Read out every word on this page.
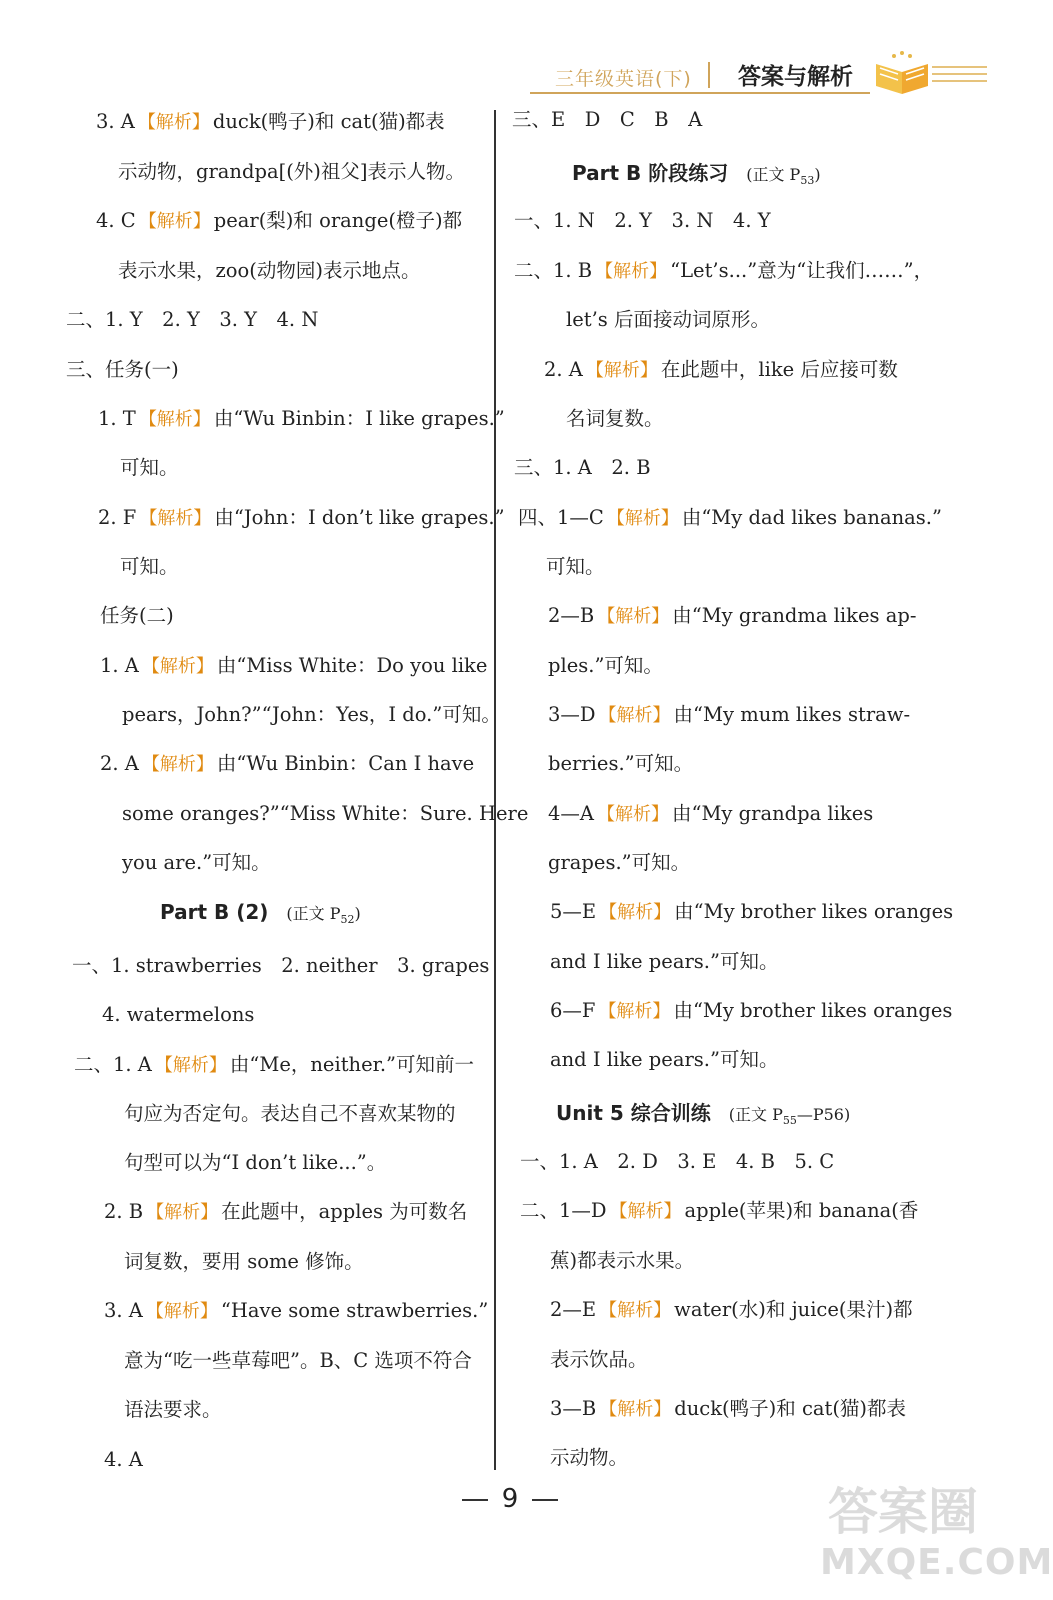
三年级英语(下) 答案与解析
3. A 【解析】 duck(鸭子)和 cat(猫)都表
示动物，grandpa[(外)祖父]表示人物。
4. C 【解析】 pear(梨)和 orange(橙子)都
表示水果，zoo(动物园)表示地点。
二、1. Y　2. Y　3. Y　4. N
三、任务(一)
1. T 【解析】 由“Wu Binbin：I like grapes.”
可知。
2. F 【解析】 由“John：I don’t like grapes.”
可知。
任务(二)
1. A 【解析】 由“Miss White：Do you like
pears，John?”“John：Yes，I do.”可知。
2. A 【解析】 由“Wu Binbin：Can I have
some oranges?”“Miss White：Sure. Here
you are.”可知。
Part B (2) (正文 $P_{52}$)
一、1. strawberries　2. neither　3. grapes
4. watermelons
二、1. A 【解析】 由“Me，neither.”可知前一
句应为否定句。表达自己不喜欢某物的
句型可以为“I don’t like...”。
2. B 【解析】 在此题中，apples 为可数名
词复数，要用 some 修饰。
3. A 【解析】 “Have some strawberries.”
意为“吃一些草莓吧”。B、C 选项不符合
语法要求。
4. A
三、E　D　C　B　A
Part B 阶段练习 (正文 $P_{53}$)
一、1. N　2. Y　3. N　4. Y
二、1. B 【解析】 “Let’s...”意为“让我们……”，
let’s 后面接动词原形。
2. A 【解析】 在此题中，like 后应接可数
名词复数。
三、1. A　2. B
四、1—C 【解析】 由“My dad likes bananas.”
可知。
2—B 【解析】 由“My grandma likes ap-
ples.”可知。
3—D 【解析】 由“My mum likes straw-
berries.”可知。
4—A 【解析】 由“My grandpa likes
grapes.”可知。
5—E 【解析】 由“My brother likes oranges
and I like pears.”可知。
6—F 【解析】 由“My brother likes oranges
and I like pears.”可知。
Unit 5 综合训练 (正文 $P_{55}—P56$)
一、1. A　2. D　3. E　4. B　5. C
二、1—D 【解析】 apple(苹果)和 banana(香
蕉)都表示水果。
2—E 【解析】 water(水)和 juice(果汁)都
表示饮品。
3—B 【解析】 duck(鸭子)和 cat(猫)都表
示动物。
9	答案圈
MXQE.COM
